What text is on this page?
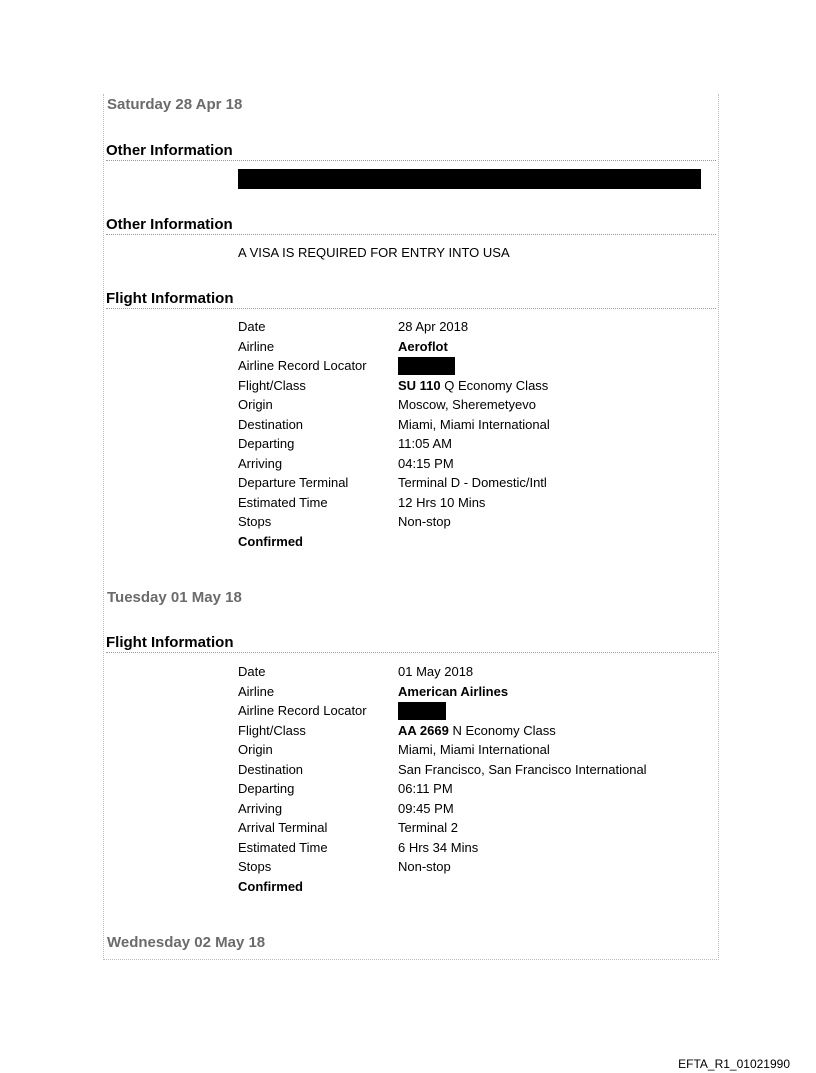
Saturday 28 Apr 18
Other Information
Other Information

A VISA IS REQUIRED FOR ENTRY INTO USA

Flight Information
Date	28 Apr 2018
Airline	Aeroflot
Airline Record Locator
Flight/Class	SU 110 Q Economy Class
Origin	Moscow, Sheremetyevo
Destination	Miami, Miami International
Departing	11:05 AM
Arriving	04:15 PM
Departure Terminal	Terminal D - Domestic/Intl
Estimated Time	12 Hrs 10 Mins
Stops	Non-stop
Confirmed
Tuesday 01 May 18
Flight Information
Date	01 May 2018
Airline	American Airlines
Airline Record Locator
Flight/Class	AA 2669 N Economy Class
Origin	Miami, Miami International
Destination	San Francisco, San Francisco International
Departing	06:11 PM
Arriving	09:45 PM
Arrival Terminal	Terminal 2
Estimated Time	6 Hrs 34 Mins
Stops	Non-stop
Confirmed
Wednesday 02 May 18
EFTA_R1_01021990
